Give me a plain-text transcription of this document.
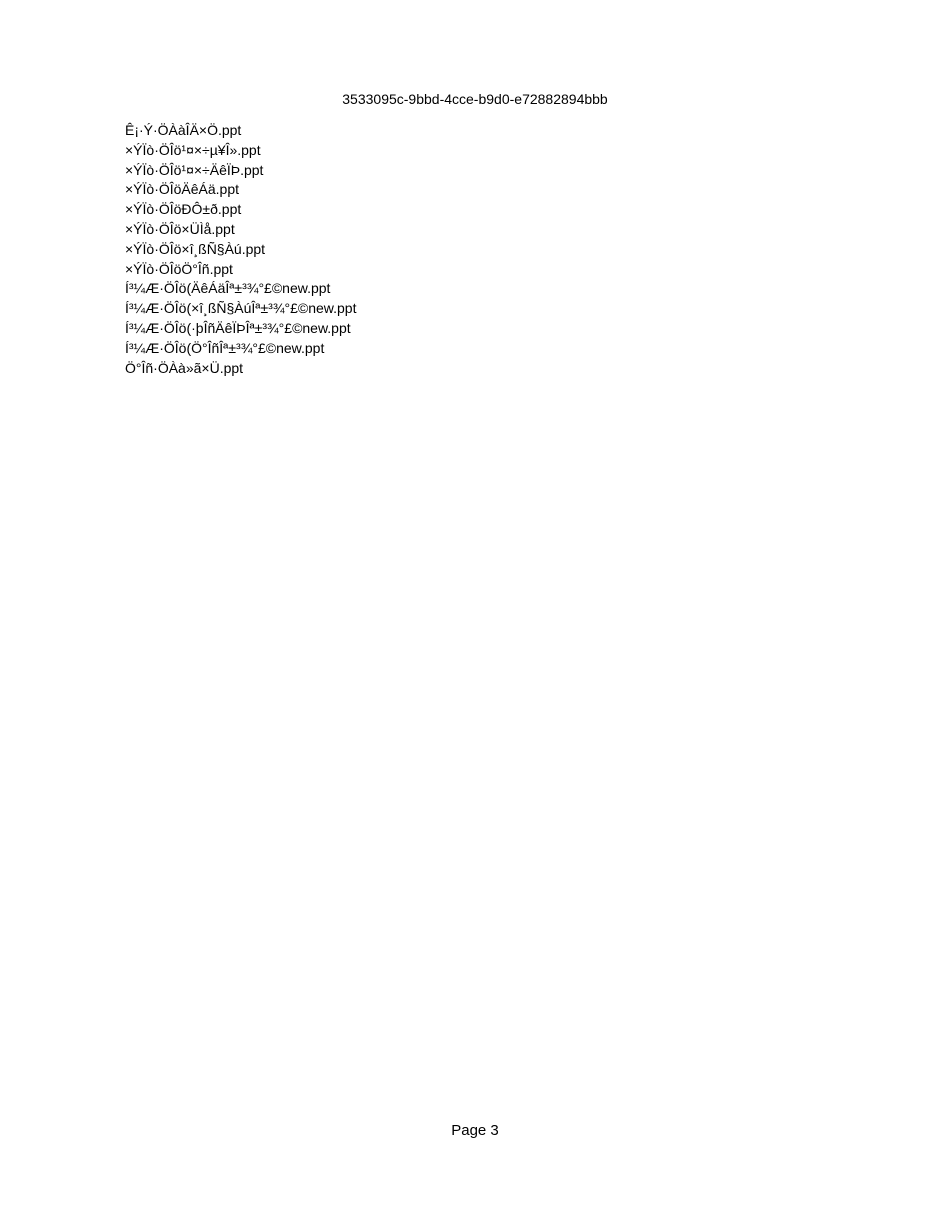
3533095c-9bbd-4cce-b9d0-e72882894bbb
Ê¡·Ý·ÖÀàÎÄ×Ö.ppt
×ÝÏò·ÖÎö¹¤×÷µ¥Î».ppt
×ÝÏò·ÖÎö¹¤×÷ÄêÏÞ.ppt
×ÝÏò·ÖÎöÄêÁä.ppt
×ÝÏò·ÖÎöÐÔ±ð.ppt
×ÝÏò·ÖÎö×ÜÌå.ppt
×ÝÏò·ÖÎö×î¸ßÑ§Àú.ppt
×ÝÏò·ÖÎöÖ°Îñ.ppt
Í³¼Æ·ÖÎö(ÄêÁäÎª±³¾°£©new.ppt
Í³¼Æ·ÖÎö(×î¸ßÑ§ÀúÎª±³¾°£©new.ppt
Í³¼Æ·ÖÎö(·þÎñÄêÏÞÎª±³¾°£©new.ppt
Í³¼Æ·ÖÎö(Ö°ÎñÎª±³¾°£©new.ppt
Ö°Îñ·ÖÀà»ã×Ü.ppt
Page 3
